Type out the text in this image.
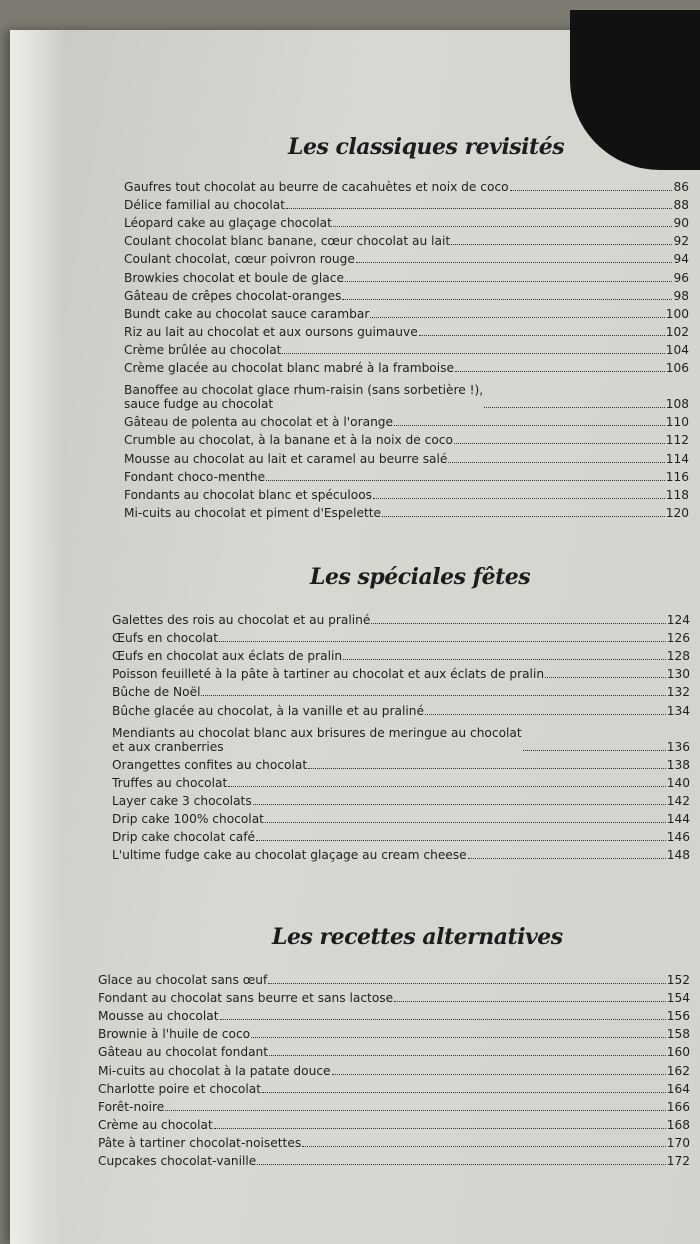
Les classiques revisités
Gaufres tout chocolat au beurre de cacahuètes et noix de coco	86
Délice familial au chocolat	88
Léopard cake au glaçage chocolat	90
Coulant chocolat blanc banane, cœur chocolat au lait	92
Coulant chocolat, cœur poivron rouge	94
Browkies chocolat et boule de glace	96
Gâteau de crêpes chocolat-oranges	98
Bundt cake au chocolat sauce carambar	100
Riz au lait au chocolat et aux oursons guimauve	102
Crème brûlée au chocolat	104
Crème glacée au chocolat blanc mabré à la framboise	106
Banoffee au chocolat glace rhum-raisin (sans sorbetière !),
sauce fudge au chocolat	108
Gâteau de polenta au chocolat et à l'orange	110
Crumble au chocolat, à la banane et à la noix de coco	112
Mousse au chocolat au lait et caramel au beurre salé	114
Fondant choco-menthe	116
Fondants au chocolat blanc et spéculoos	118
Mi-cuits au chocolat et piment d'Espelette	120
Les spéciales fêtes
Galettes des rois au chocolat et au praliné	124
Œufs en chocolat	126
Œufs en chocolat aux éclats de pralin	128
Poisson feuilleté à la pâte à tartiner au chocolat et aux éclats de pralin	130
Bûche de Noël	132
Bûche glacée au chocolat, à la vanille et au praliné	134
Mendiants au chocolat blanc aux brisures de meringue au chocolat
et aux cranberries	136
Orangettes confites au chocolat	138
Truffes au chocolat	140
Layer cake 3 chocolats	142
Drip cake 100% chocolat	144
Drip cake chocolat café	146
L'ultime fudge cake au chocolat glaçage au cream cheese	148
Les recettes alternatives
Glace au chocolat sans œuf	152
Fondant au chocolat sans beurre et sans lactose	154
Mousse au chocolat	156
Brownie à l'huile de coco	158
Gâteau au chocolat fondant	160
Mi-cuits au chocolat à la patate douce	162
Charlotte poire et chocolat	164
Forêt-noire	166
Crème au chocolat	168
Pâte à tartiner chocolat-noisettes	170
Cupcakes chocolat-vanille	172
